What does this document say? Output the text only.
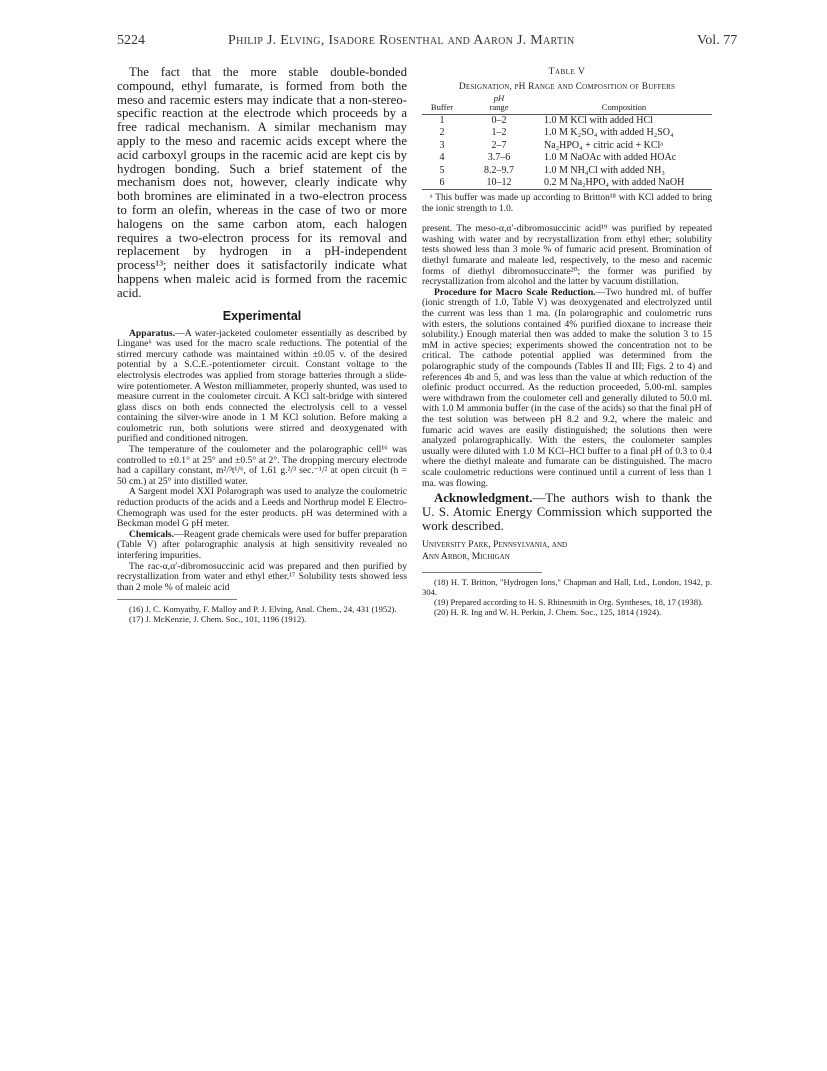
5224	Philip J. Elving, Isadore Rosenthal and Aaron J. Martin	Vol. 77

The fact that the more stable double-bonded compound, ethyl fumarate, is formed from both the meso and racemic esters may indicate that a non-stereo-specific reaction at the electrode which proceeds by a free radical mechanism. A similar mechanism may apply to the meso and racemic acids except where the acid carboxyl groups in the racemic acid are kept cis by hydrogen bonding. Such a brief statement of the mechanism does not, however, clearly indicate why both bromines are eliminated in a two-electron process to form an olefin, whereas in the case of two or more halogens on the same carbon atom, each halogen requires a two-electron process for its removal and replacement by hydrogen in a pH-independent process¹³; neither does it satisfactorily indicate what happens when maleic acid is formed from the racemic acid.

Experimental

Apparatus.—A water-jacketed coulometer essentially as described by Lingane⁶ was used for the macro scale reductions. The potential of the stirred mercury cathode was maintained within ±0.05 v. of the desired potential by a S.C.E.-potentiometer circuit. Constant voltage to the electrolysis electrodes was applied from storage batteries through a slide-wire potentiometer. A Weston milliammeter, properly shunted, was used to measure current in the coulometer circuit. A KCl salt-bridge with sintered glass discs on both ends connected the electrolysis cell to a vessel containing the silver-wire anode in 1 M KCl solution. Before making a coulometric run, both solutions were stirred and deoxygenated with purified and conditioned nitrogen.

The temperature of the coulometer and the polarographic cell¹⁶ was controlled to ±0.1° at 25° and ±0.5° at 2°. The dropping mercury electrode had a capillary constant, m²/³t¹/⁶, of 1.61 g.²/³ sec.⁻¹/² at open circuit (h = 50 cm.) at 25° into distilled water.

A Sargent model XXI Polarograph was used to analyze the coulometric reduction products of the acids and a Leeds and Northrup model E Electro-Chemograph was used for the ester products. pH was determined with a Beckman model G pH meter.

Chemicals.—Reagent grade chemicals were used for buffer preparation (Table V) after polarographic analysis at high sensitivity revealed no interfering impurities.

The rac-α,α′-dibromosuccinic acid was prepared and then purified by recrystallization from water and ethyl ether.¹⁷ Solubility tests showed less than 2 mole % of maleic acid

(16) J. C. Komyathy, F. Malloy and P. J. Elving, Anal. Chem., 24, 431 (1952).

(17) J. McKenzie, J. Chem. Soc., 101, 1196 (1912).

Table V

Designation, pH Range and Composition of Buffers

	pH	
Buffer	range	Composition
1	0–2	1.0 M KCl with added HCl
2	1–2	1.0 M K₂SO₄ with added H₂SO₄
3	2–7	Na₂HPO₄ + citric acid + KClᵃ
4	3.7–6	1.0 M NaOAc with added HOAc
5	8.2–9.7	1.0 M NH₄Cl with added NH₃
6	10–12	0.2 M Na₂HPO₄ with added NaOH

ᵃ This buffer was made up according to Britton¹⁸ with KCl added to bring the ionic strength to 1.0.

present. The meso-α,α′-dibromosuccinic acid¹⁹ was purified by repeated washing with water and by recrystallization from ethyl ether; solubility tests showed less than 3 mole % of fumaric acid present. Bromination of diethyl fumarate and maleate led, respectively, to the meso and racemic forms of diethyl dibromosuccinate²⁰; the former was purified by recrystallization from alcohol and the latter by vacuum distillation.

Procedure for Macro Scale Reduction.—Two hundred ml. of buffer (ionic strength of 1.0, Table V) was deoxygenated and electrolyzed until the current was less than 1 ma. (In polarographic and coulometric runs with esters, the solutions contained 4% purified dioxane to increase their solubility.) Enough material then was added to make the solution 3 to 15 mM in active species; experiments showed the concentration not to be critical. The cathode potential applied was determined from the polarographic study of the compounds (Tables II and III; Figs. 2 to 4) and references 4b and 5, and was less than the value at which reduction of the olefinic product occurred. As the reduction proceeded, 5.00-ml. samples were withdrawn from the coulometer cell and generally diluted to 50.0 ml. with 1.0 M ammonia buffer (in the case of the acids) so that the final pH of the test solution was between pH 8.2 and 9.2, where the maleic and fumaric acid waves are easily distinguished; the solutions then were analyzed polarographically. With the esters, the coulometer samples usually were diluted with 1.0 M KCl–HCl buffer to a final pH of 0.3 to 0.4 where the diethyl maleate and fumarate can be distinguished. The macro scale coulometric reductions were continued until a current of less than 1 ma. was flowing.

Acknowledgment.—The authors wish to thank the U. S. Atomic Energy Commission which supported the work described.

University Park, Pennsylvania, and

Ann Arbor, Michigan

(18) H. T. Britton, "Hydrogen Ions," Chapman and Hall, Ltd., London, 1942, p. 304.

(19) Prepared according to H. S. Rhinesmith in Org. Syntheses, 18, 17 (1938).

(20) H. R. Ing and W. H. Perkin, J. Chem. Soc., 125, 1814 (1924).
